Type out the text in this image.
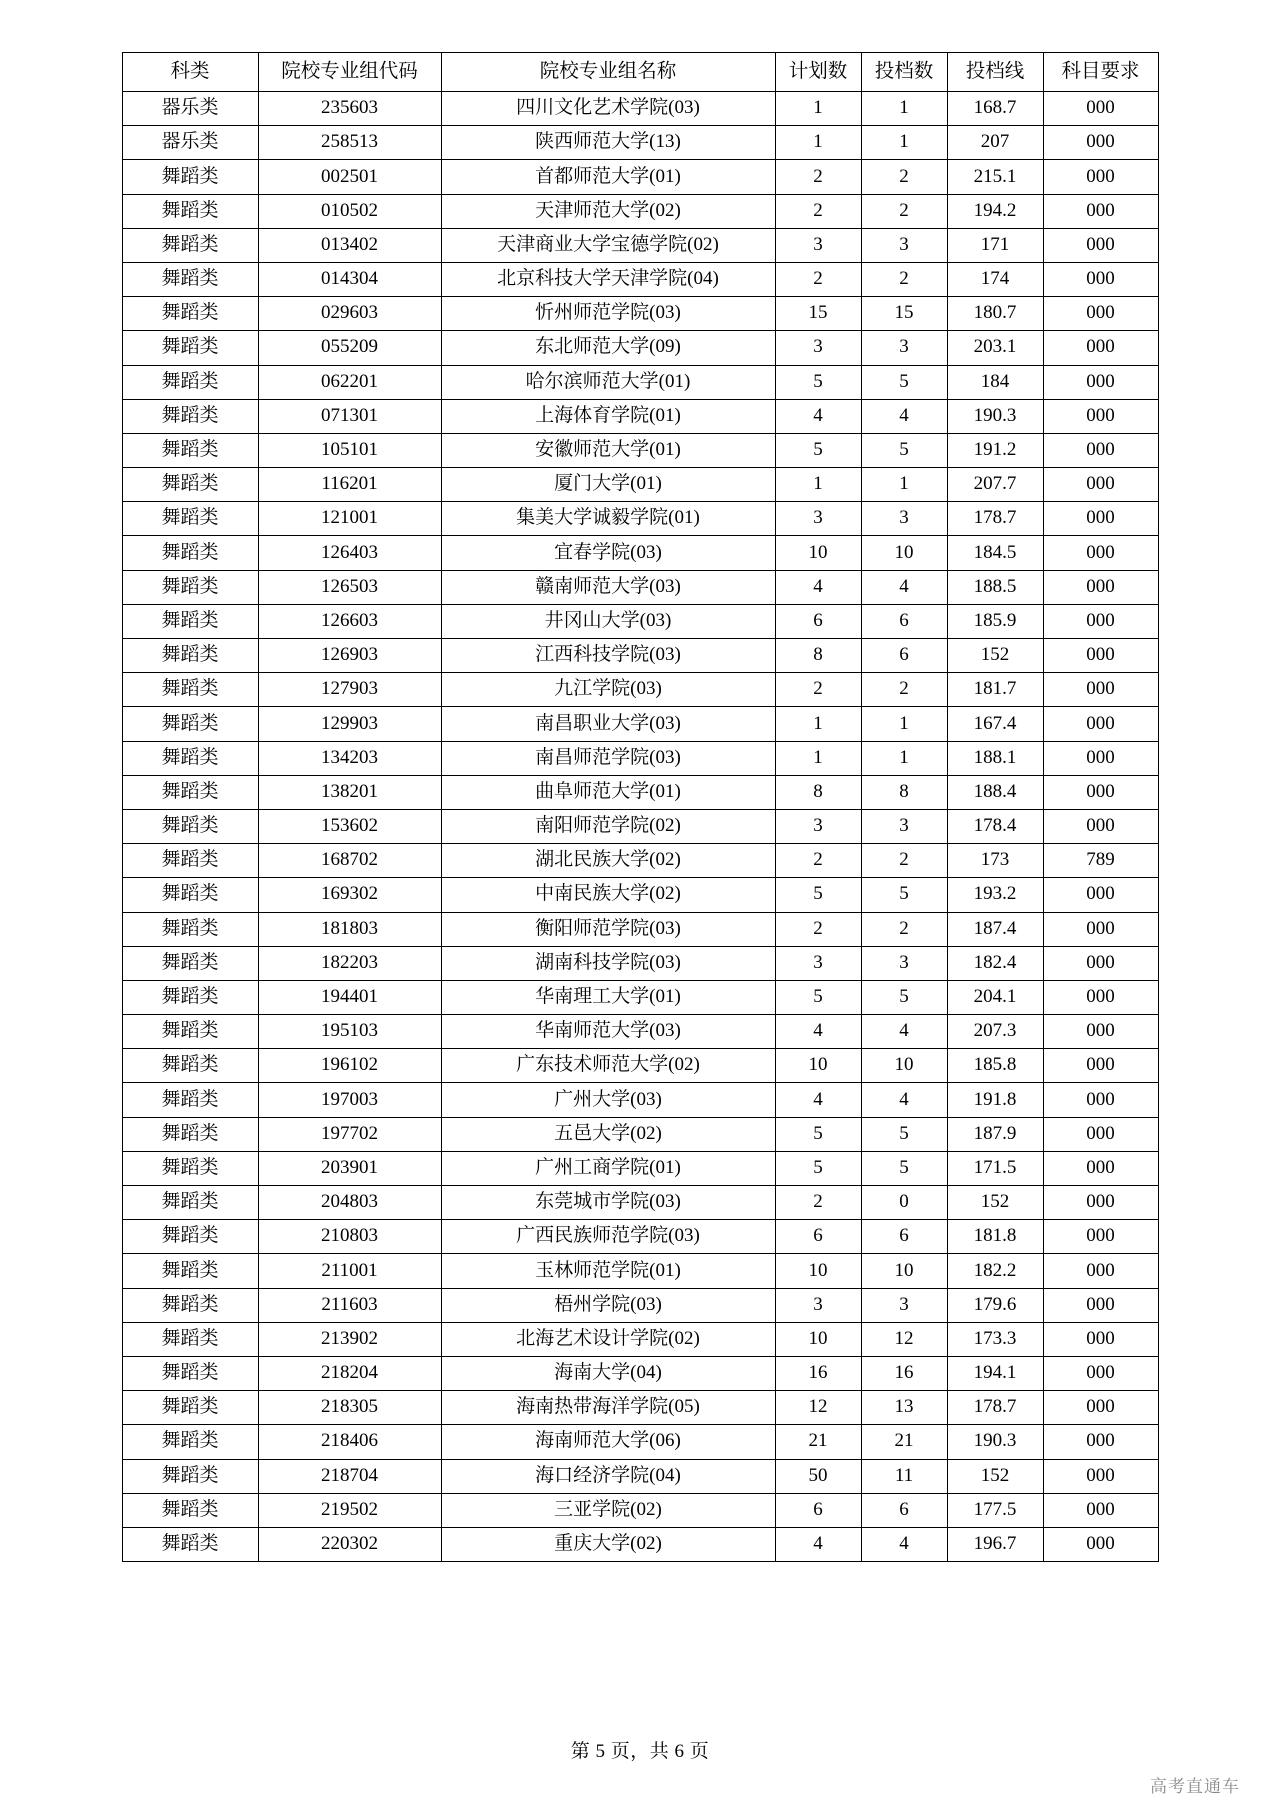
科类	院校专业组代码	院校专业组名称	计划数	投档数	投档线	科目要求
器乐类	235603	四川文化艺术学院(03)	1	1	168.7	000
器乐类	258513	陕西师范大学(13)	1	1	207	000
舞蹈类	002501	首都师范大学(01)	2	2	215.1	000
舞蹈类	010502	天津师范大学(02)	2	2	194.2	000
舞蹈类	013402	天津商业大学宝德学院(02)	3	3	171	000
舞蹈类	014304	北京科技大学天津学院(04)	2	2	174	000
舞蹈类	029603	忻州师范学院(03)	15	15	180.7	000
舞蹈类	055209	东北师范大学(09)	3	3	203.1	000
舞蹈类	062201	哈尔滨师范大学(01)	5	5	184	000
舞蹈类	071301	上海体育学院(01)	4	4	190.3	000
舞蹈类	105101	安徽师范大学(01)	5	5	191.2	000
舞蹈类	116201	厦门大学(01)	1	1	207.7	000
舞蹈类	121001	集美大学诚毅学院(01)	3	3	178.7	000
舞蹈类	126403	宜春学院(03)	10	10	184.5	000
舞蹈类	126503	赣南师范大学(03)	4	4	188.5	000
舞蹈类	126603	井冈山大学(03)	6	6	185.9	000
舞蹈类	126903	江西科技学院(03)	8	6	152	000
舞蹈类	127903	九江学院(03)	2	2	181.7	000
舞蹈类	129903	南昌职业大学(03)	1	1	167.4	000
舞蹈类	134203	南昌师范学院(03)	1	1	188.1	000
舞蹈类	138201	曲阜师范大学(01)	8	8	188.4	000
舞蹈类	153602	南阳师范学院(02)	3	3	178.4	000
舞蹈类	168702	湖北民族大学(02)	2	2	173	789
舞蹈类	169302	中南民族大学(02)	5	5	193.2	000
舞蹈类	181803	衡阳师范学院(03)	2	2	187.4	000
舞蹈类	182203	湖南科技学院(03)	3	3	182.4	000
舞蹈类	194401	华南理工大学(01)	5	5	204.1	000
舞蹈类	195103	华南师范大学(03)	4	4	207.3	000
舞蹈类	196102	广东技术师范大学(02)	10	10	185.8	000
舞蹈类	197003	广州大学(03)	4	4	191.8	000
舞蹈类	197702	五邑大学(02)	5	5	187.9	000
舞蹈类	203901	广州工商学院(01)	5	5	171.5	000
舞蹈类	204803	东莞城市学院(03)	2	0	152	000
舞蹈类	210803	广西民族师范学院(03)	6	6	181.8	000
舞蹈类	211001	玉林师范学院(01)	10	10	182.2	000
舞蹈类	211603	梧州学院(03)	3	3	179.6	000
舞蹈类	213902	北海艺术设计学院(02)	10	12	173.3	000
舞蹈类	218204	海南大学(04)	16	16	194.1	000
舞蹈类	218305	海南热带海洋学院(05)	12	13	178.7	000
舞蹈类	218406	海南师范大学(06)	21	21	190.3	000
舞蹈类	218704	海口经济学院(04)	50	11	152	000
舞蹈类	219502	三亚学院(02)	6	6	177.5	000
舞蹈类	220302	重庆大学(02)	4	4	196.7	000
第 5 页，共 6 页
高考直通车
